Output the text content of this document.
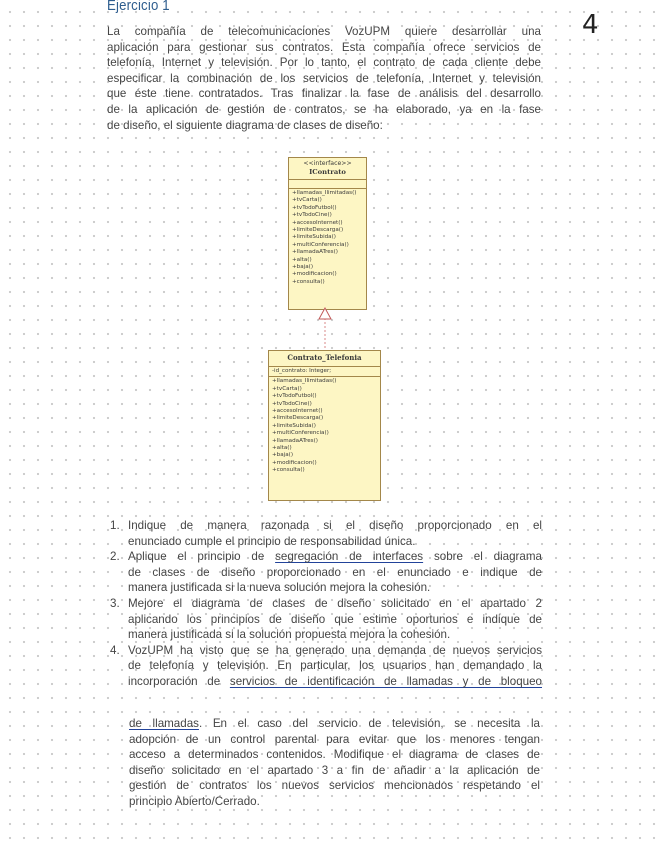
Ejercicio 1
4
La compañía de telecomunicaciones VozUPM quiere desarrollar una
aplicación para gestionar sus contratos. Esta compañía ofrece servicios de
telefonía, Internet y televisión. Por lo tanto, el contrato de cada cliente debe
especificar la combinación de los servicios de telefonía, Internet y televisión
que éste tiene contratados. Tras finalizar la fase de análisis del desarrollo
de la aplicación de gestión de contratos, se ha elaborado, ya en la fase
de diseño, el siguiente diagrama de clases de diseño:
<<interface>>
IContrato
+llamadas_Ilimitadas()
+tvCarta()
+tvTodoFutbol()
+tvTodoCine()
+accesoInternet()
+limiteDescarga()
+limiteSubida()
+multiConferencia()
+llamadaATres()
+alta()
+baja()
+modificacion()
+consulta()
Contrato_Telefonia
-id_contrato: Integer;
+llamadas_Ilimitadas()
+tvCarta()
+tvTodoFutbol()
+tvTodoCine()
+accesoInternet()
+limiteDescarga()
+limiteSubida()
+multiConferencia()
+llamadaATres()
+alta()
+baja()
+modificacion()
+consulta()
1. Indique de manera razonada si el diseño proporcionado en el
enunciado cumple el principio de responsabilidad única.
2. Aplique el principio de segregación de interfaces sobre el diagrama
de clases de diseño proporcionado en el enunciado e indique de
manera justificada si la nueva solución mejora la cohesión.
3. Mejore el diagrama de clases de diseño solicitado en el apartado 2
aplicando los principios de diseño que estime oportunos e indique de
manera justificada si la solución propuesta mejora la cohesión.
4. VozUPM ha visto que se ha generado una demanda de nuevos servicios
de telefonía y televisión. En particular, los usuarios han demandado la
incorporación de servicios de identificación de llamadas y de bloqueo
de llamadas. En el caso del servicio de televisión, se necesita la
adopción de un control parental para evitar que los menores tengan
acceso a determinados contenidos. Modifique el diagrama de clases de
diseño solicitado en el apartado 3 a fin de añadir a la aplicación de
gestión de contratos los nuevos servicios mencionados respetando el
principio Abierto/Cerrado.
